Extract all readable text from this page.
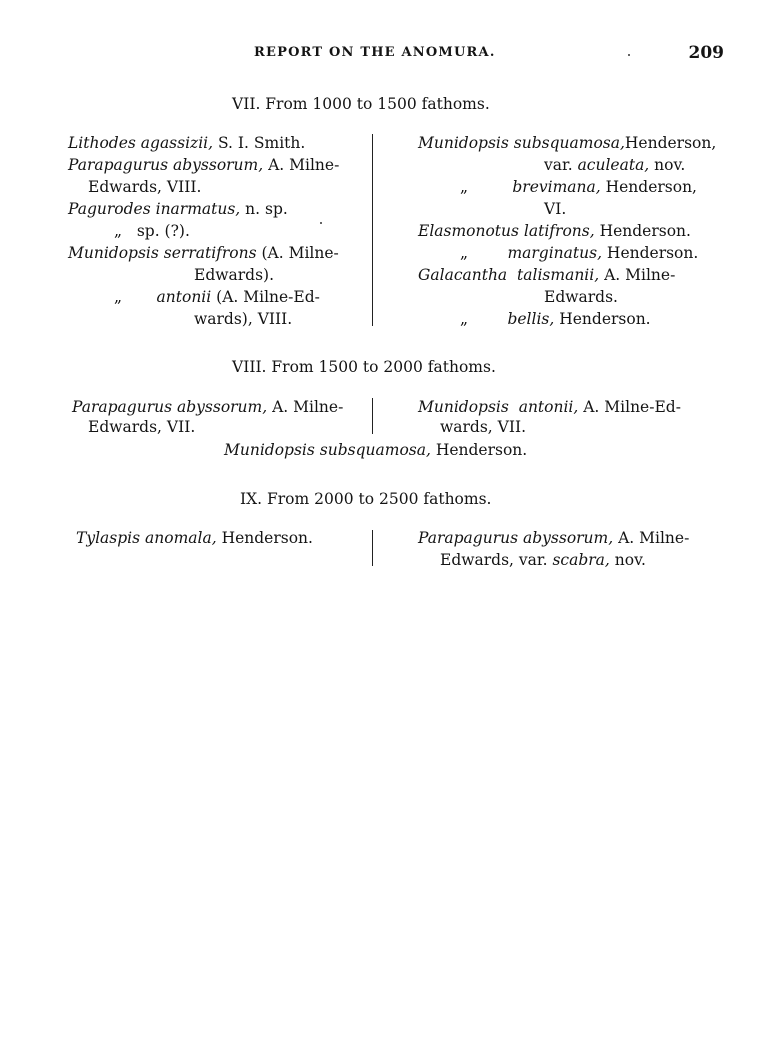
REPORT ON THE ANOMURA.	209
VII. From 1000 to 1500 fathoms.
Lithodes agassizii, S. I. Smith.
Parapagurus abyssorum, A. Milne-
Edwards, VIII.
Pagurodes inarmatus, n. sp.
„ sp. (?).
Munidopsis serratifrons (A. Milne-
Edwards).
„ antonii (A. Milne-Ed-
wards), VIII.
Munidopsis subsquamosa,Henderson,
var. aculeata, nov.
„	brevimana, Henderson,
VI.
Elasmonotus latifrons, Henderson.
„	marginatus, Henderson.
Galacantha talismanii, A. Milne-
Edwards.
„	bellis, Henderson.
VIII. From 1500 to 2000 fathoms.
Parapagurus abyssorum, A. Milne-
Edwards, VII.
Munidopsis antonii, A. Milne-Ed-
wards, VII.
Munidopsis subsquamosa, Henderson.
IX. From 2000 to 2500 fathoms.
Tylaspis anomala, Henderson.	Parapagurus abyssorum, A. Milne-
Edwards, var. scabra, nov.
